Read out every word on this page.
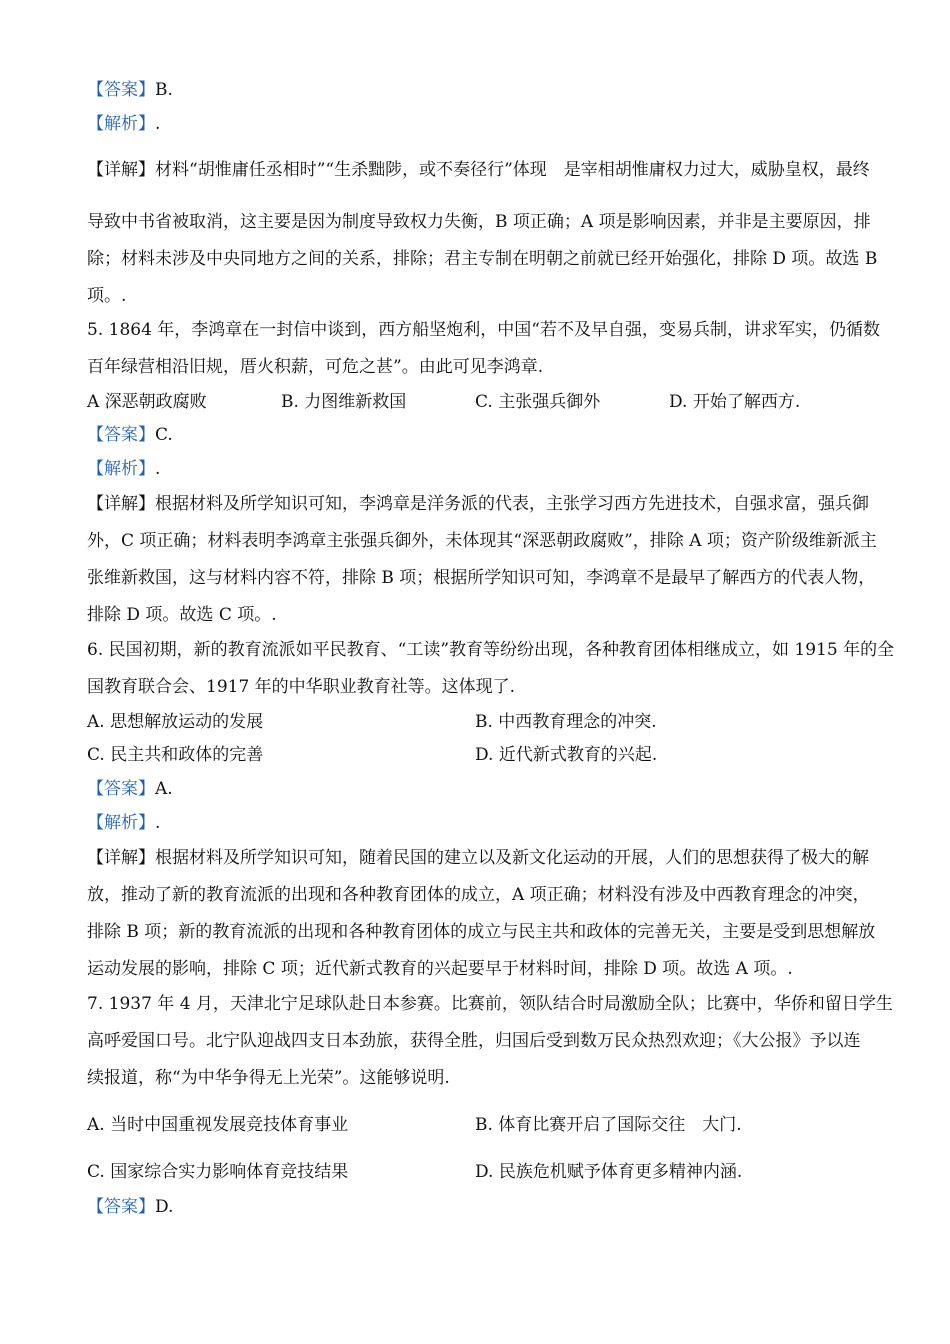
【答案】B.
【解析】.
【详解】材料“胡惟庸任丞相时”“生杀黜陟，或不奏径行”体现　是宰相胡惟庸权力过大，威胁皇权，最终
导致中书省被取消，这主要是因为制度导致权力失衡，B 项正确；A 项是影响因素，并非是主要原因，排
除；材料未涉及中央同地方之间的关系，排除；君主专制在明朝之前就已经开始强化，排除 D 项。故选 B
项。.
5. 1864 年，李鸿章在一封信中谈到，西方船坚炮利，中国“若不及早自强，变易兵制，讲求军实，仍循数
百年绿营相沿旧规，厝火积薪，可危之甚”。由此可见李鸿章.
A 深恶朝政腐败	B. 力图维新救国	C. 主张强兵御外	D. 开始了解西方.
【答案】C.
【解析】.
【详解】根据材料及所学知识可知，李鸿章是洋务派的代表，主张学习西方先进技术，自强求富，强兵御
外，C 项正确；材料表明李鸿章主张强兵御外，未体现其“深恶朝政腐败”，排除 A 项；资产阶级维新派主
张维新救国，这与材料内容不符，排除 B 项；根据所学知识可知，李鸿章不是最早了解西方的代表人物，
排除 D 项。故选 C 项。.
6. 民国初期，新的教育流派如平民教育、“工读”教育等纷纷出现，各种教育团体相继成立，如 1915 年的全
国教育联合会、1917 年的中华职业教育社等。这体现了.
A. 思想解放运动的发展	B. 中西教育理念的冲突.
C. 民主共和政体的完善	D. 近代新式教育的兴起.
【答案】A.
【解析】.
【详解】根据材料及所学知识可知，随着民国的建立以及新文化运动的开展，人们的思想获得了极大的解
放，推动了新的教育流派的出现和各种教育团体的成立，A 项正确；材料没有涉及中西教育理念的冲突，
排除 B 项；新的教育流派的出现和各种教育团体的成立与民主共和政体的完善无关，主要是受到思想解放
运动发展的影响，排除 C 项；近代新式教育的兴起要早于材料时间，排除 D 项。故选 A 项。.
7. 1937 年 4 月，天津北宁足球队赴日本参赛。比赛前，领队结合时局激励全队；比赛中，华侨和留日学生
高呼爱国口号。北宁队迎战四支日本劲旅，获得全胜，归国后受到数万民众热烈欢迎；《大公报》予以连
续报道，称“为中华争得无上光荣”。这能够说明.
A. 当时中国重视发展竞技体育事业	B. 体育比赛开启了国际交往　大门.
C. 国家综合实力影响体育竞技结果	D. 民族危机赋予体育更多精神内涵.
【答案】D.
